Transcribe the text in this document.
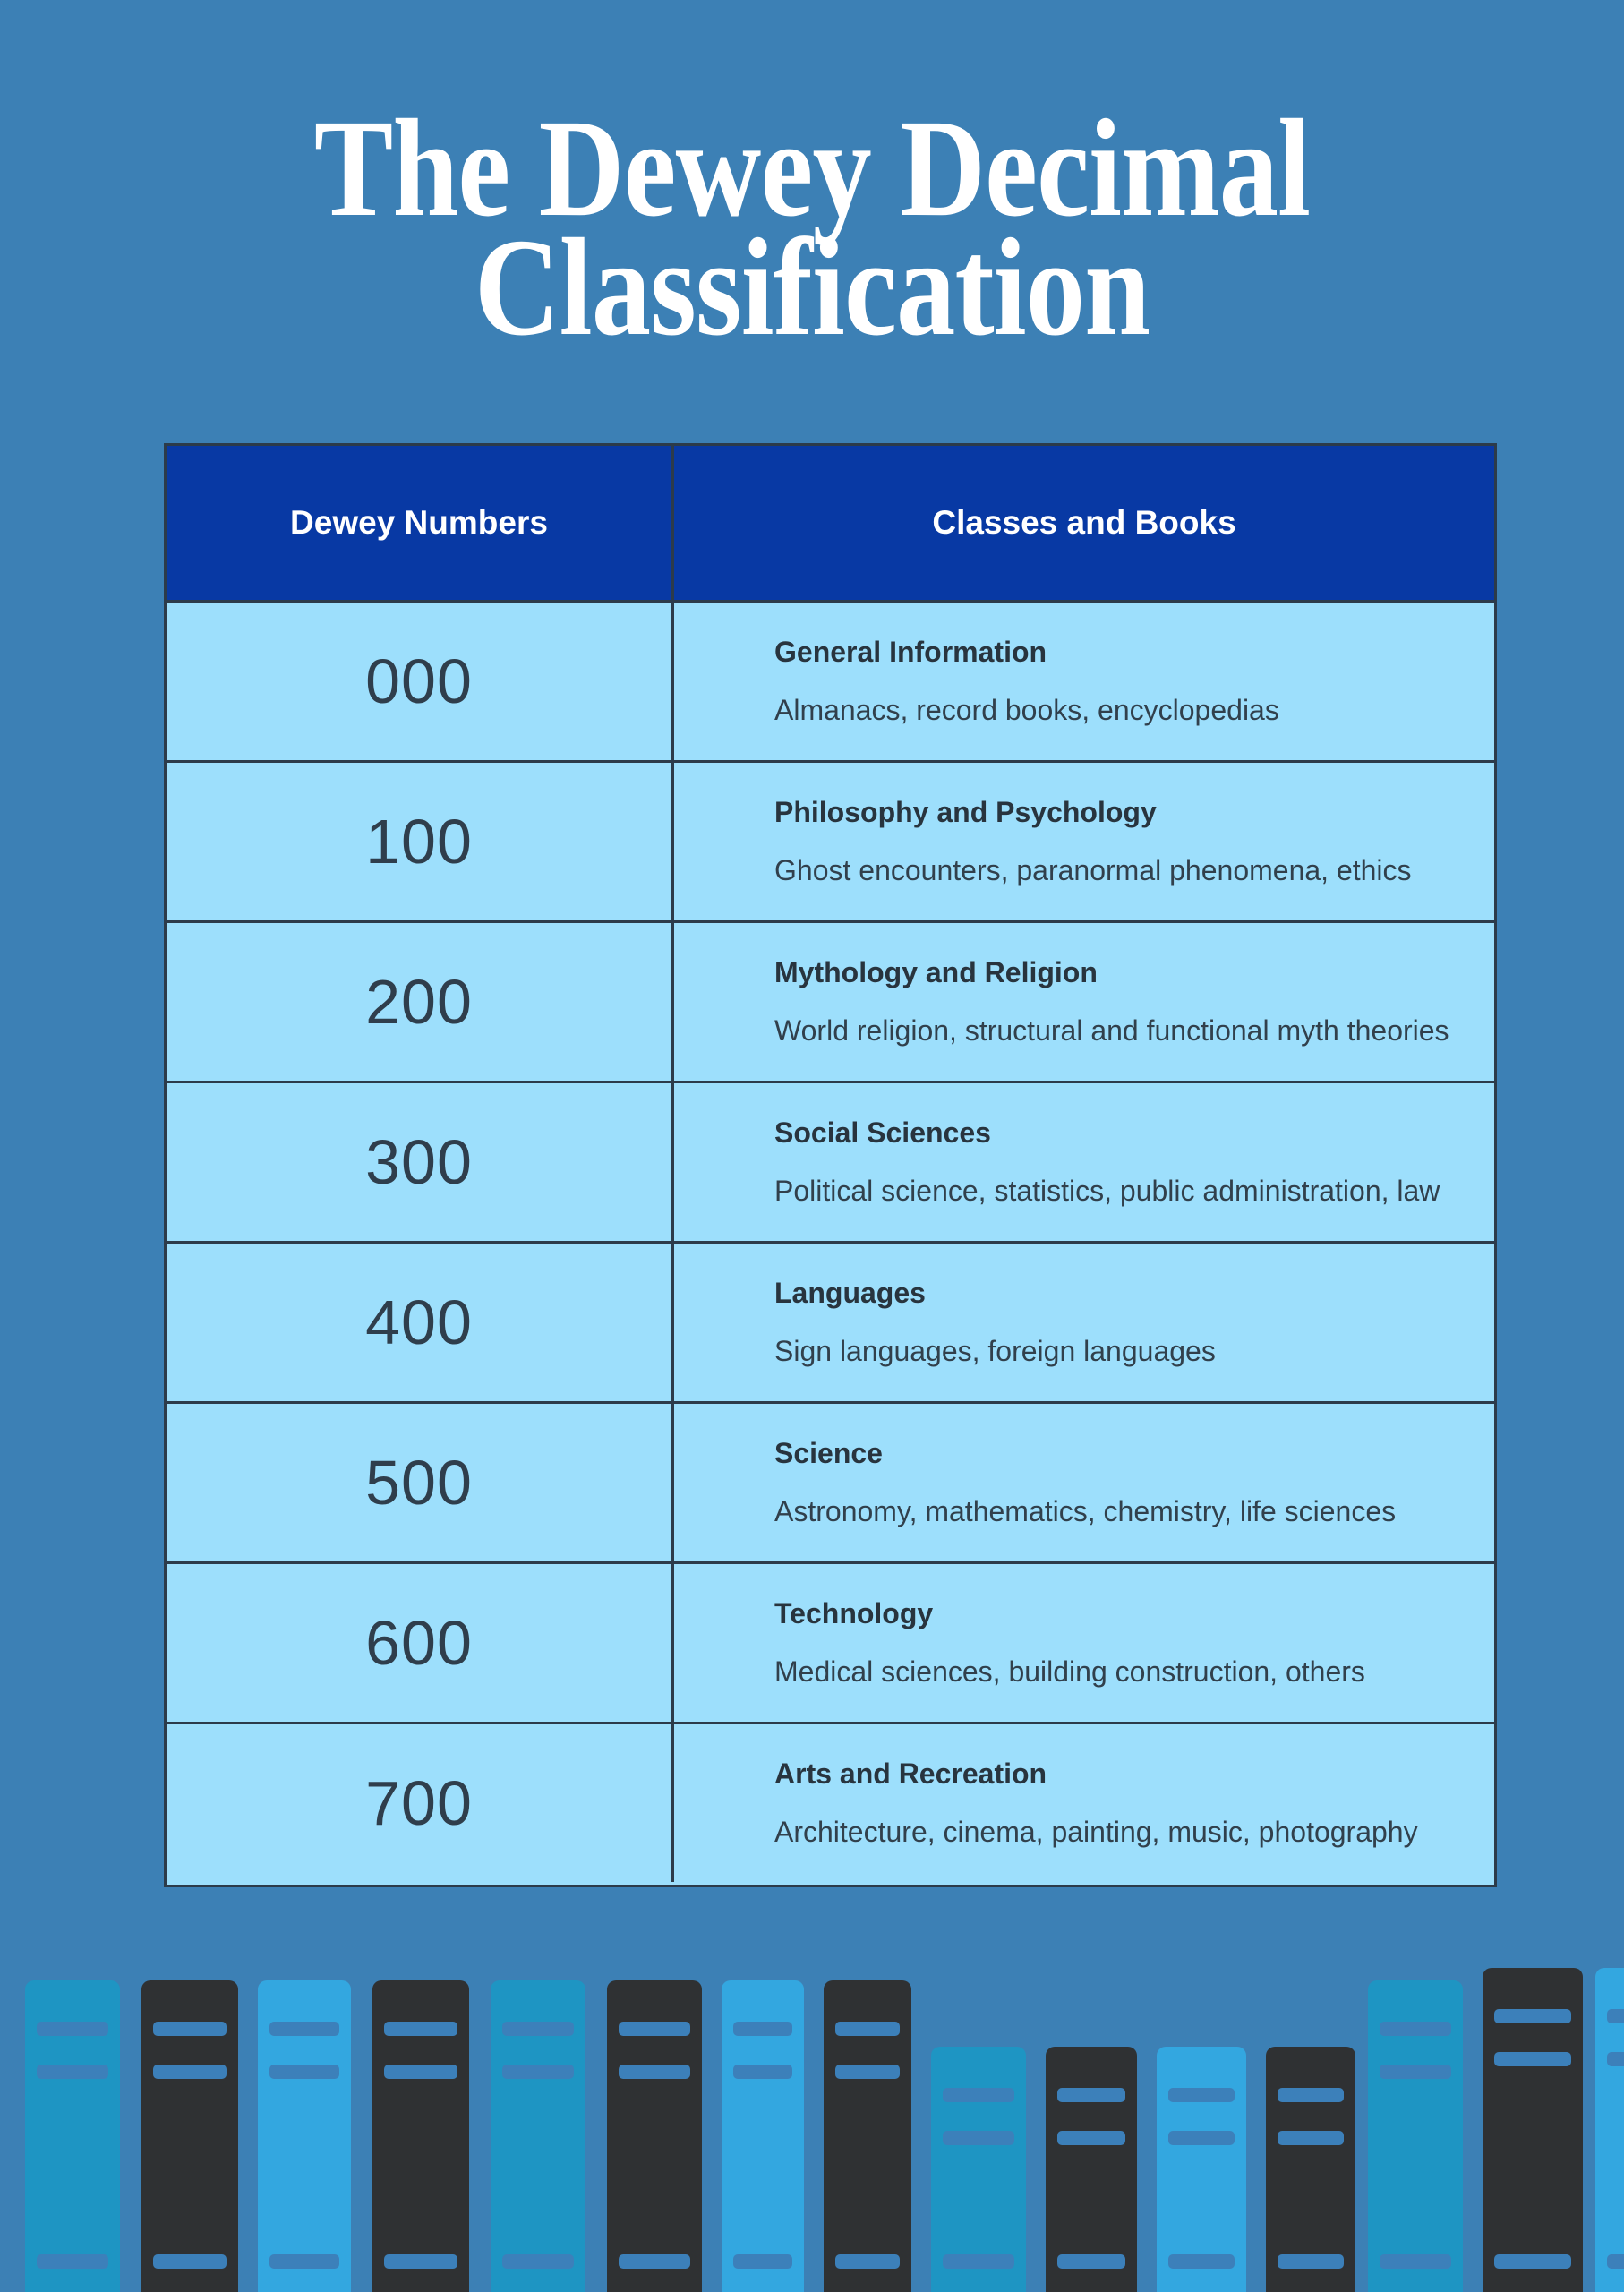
The Dewey Decimal
Classification
Dewey Numbers	Classes and Books
000	General Information
Almanacs, record books, encyclopedias
100	Philosophy and Psychology
Ghost encounters, paranormal phenomena, ethics
200	Mythology and Religion
World religion, structural and functional myth theories
300	Social Sciences
Political science, statistics, public administration, law
400	Languages
Sign languages, foreign languages
500	Science
Astronomy, mathematics, chemistry, life sciences
600	Technology
Medical sciences, building construction, others
700	Arts and Recreation
Architecture, cinema, painting, music, photography
